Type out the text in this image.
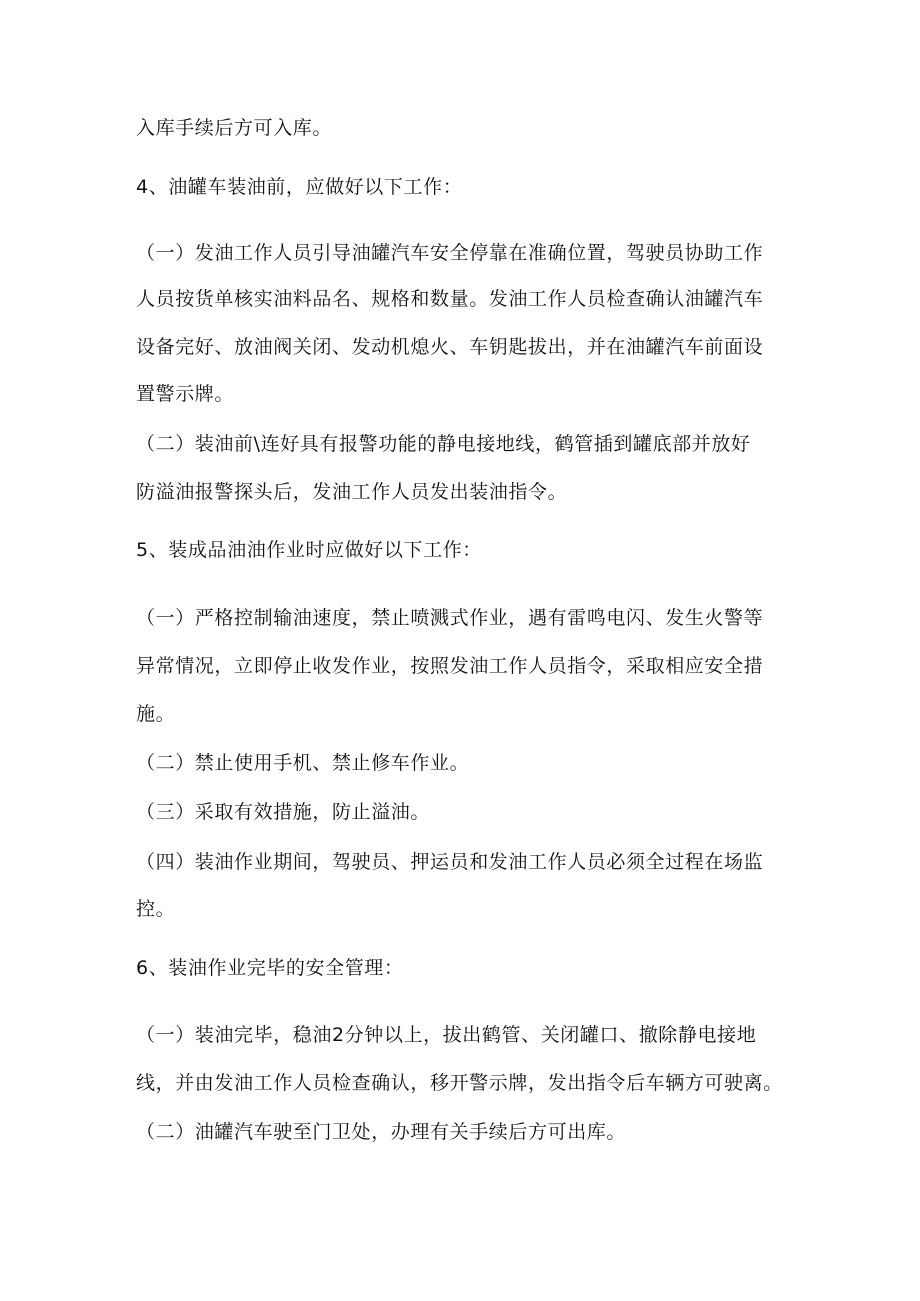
入库手续后方可入库。
4、油罐车装油前，应做好以下工作：
（一）发油工作人员引导油罐汽车安全停靠在准确位置，驾驶员协助工作
人员按货单核实油料品名、规格和数量。发油工作人员检查确认油罐汽车
设备完好、放油阀关闭、发动机熄火、车钥匙拔出，并在油罐汽车前面设
置警示牌。
（二）装油前\连好具有报警功能的静电接地线，鹤管插到罐底部并放好
防溢油报警探头后，发油工作人员发出装油指令。
5、装成品油油作业时应做好以下工作：
（一）严格控制输油速度，禁止喷溅式作业，遇有雷鸣电闪、发生火警等
异常情况，立即停止收发作业，按照发油工作人员指令，采取相应安全措
施。
（二）禁止使用手机、禁止修车作业。
（三）采取有效措施，防止溢油。
（四）装油作业期间，驾驶员、押运员和发油工作人员必须全过程在场监
控。
6、装油作业完毕的安全管理：
（一）装油完毕，稳油2分钟以上，拔出鹤管、关闭罐口、撤除静电接地
线，并由发油工作人员检查确认，移开警示牌，发出指令后车辆方可驶离。
（二）油罐汽车驶至门卫处，办理有关手续后方可出库。
